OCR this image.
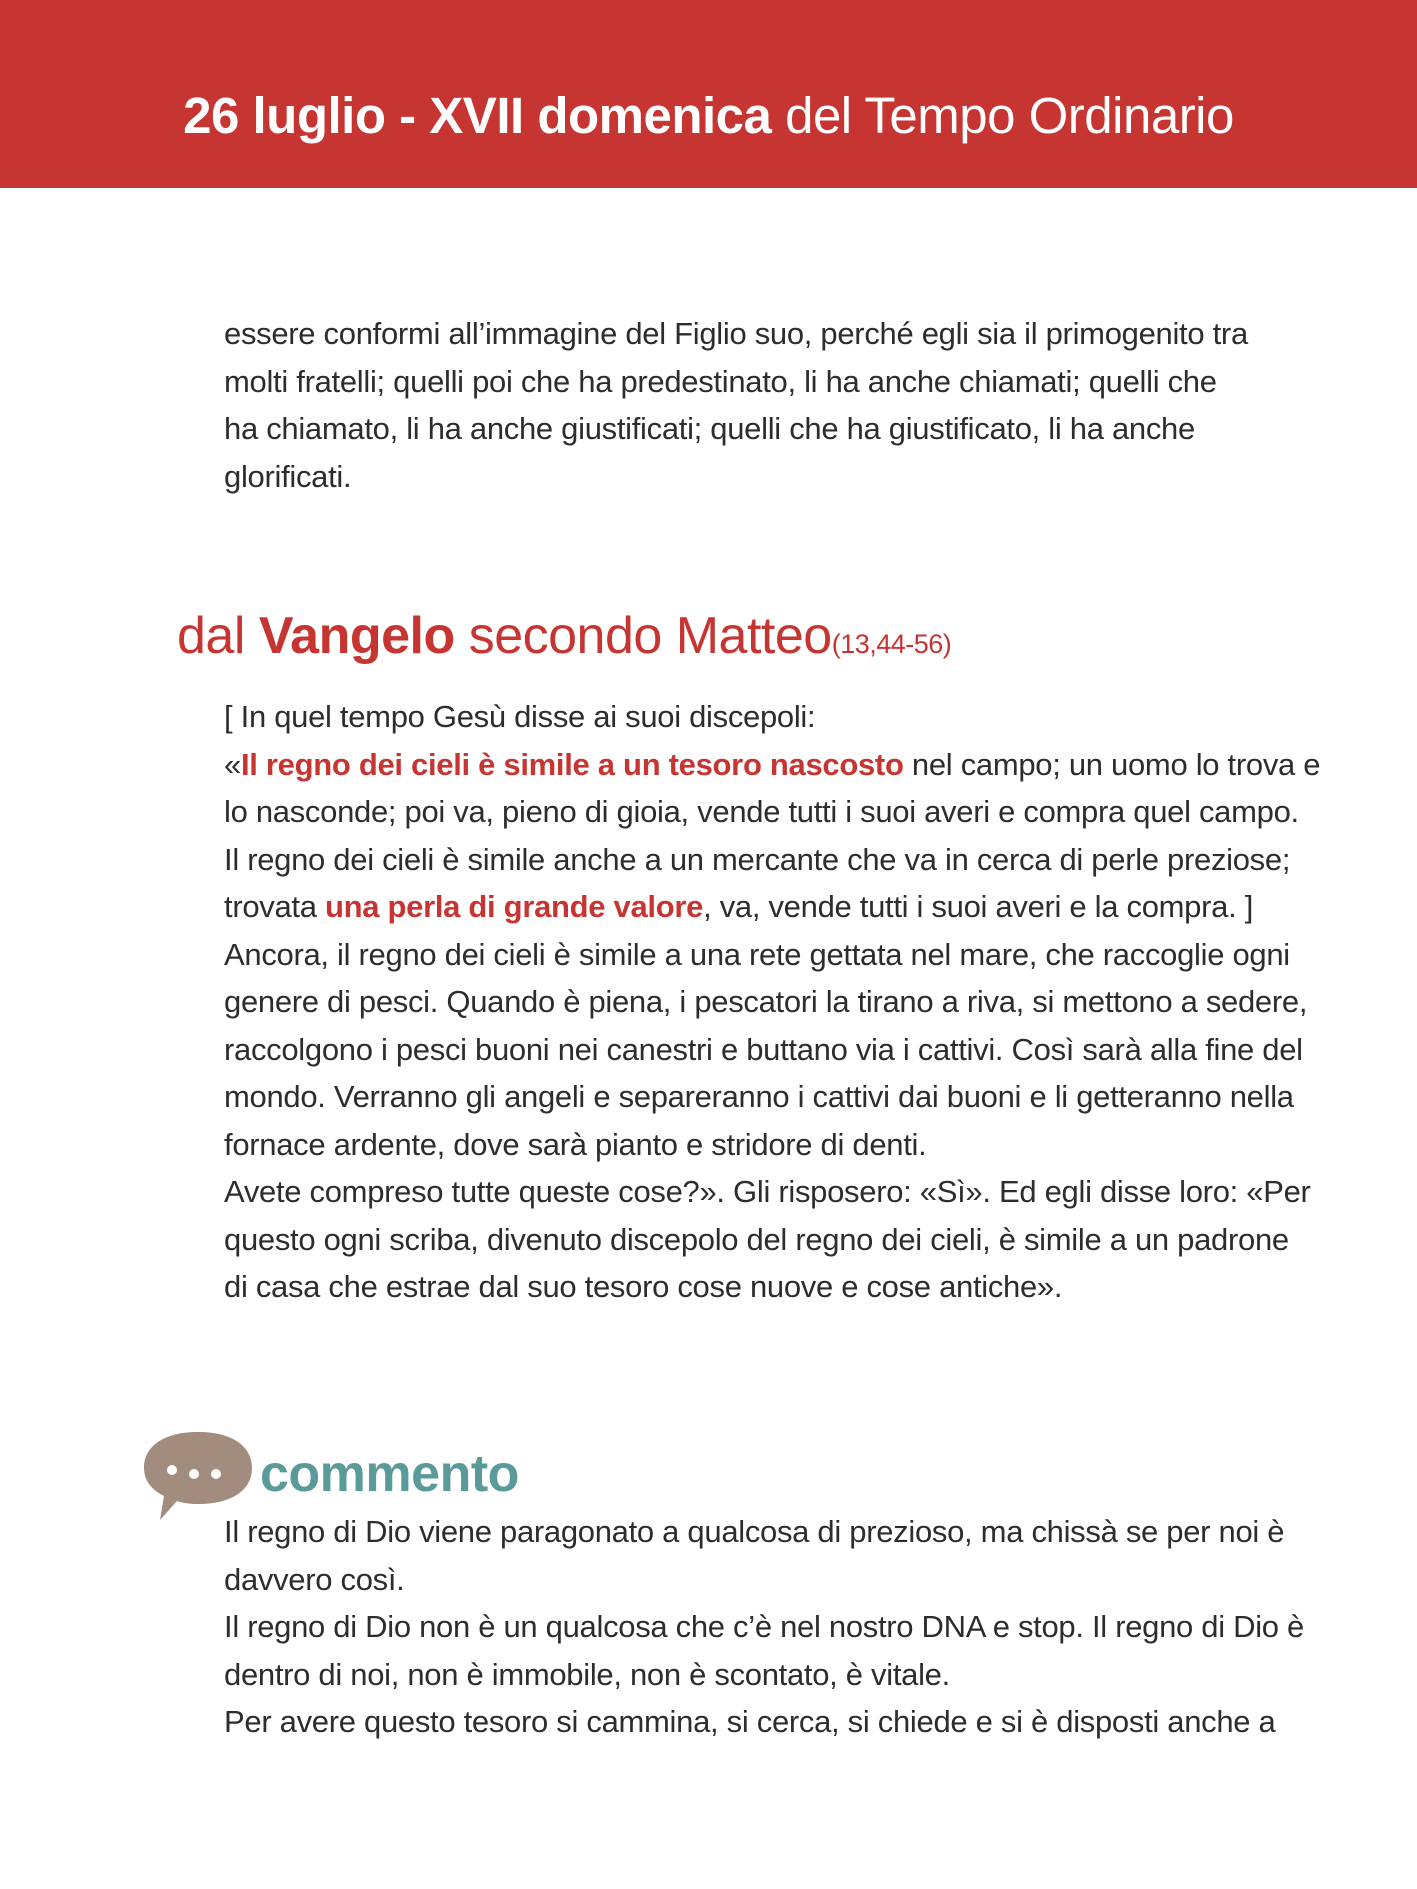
26 luglio - XVII domenica del Tempo Ordinario

essere conformi all’immagine del Figlio suo, perché egli sia il primogenito tra

molti fratelli; quelli poi che ha predestinato, li ha anche chiamati; quelli che

ha chiamato, li ha anche giustificati; quelli che ha giustificato, li ha anche

glorificati.

dal Vangelo secondo Matteo(13,44-56)

[ In quel tempo Gesù disse ai suoi discepoli:

«Il regno dei cieli è simile a un tesoro nascosto nel campo; un uomo lo trova e

lo nasconde; poi va, pieno di gioia, vende tutti i suoi averi e compra quel campo.

Il regno dei cieli è simile anche a un mercante che va in cerca di perle preziose;

trovata una perla di grande valore, va, vende tutti i suoi averi e la compra. ]

Ancora, il regno dei cieli è simile a una rete gettata nel mare, che raccoglie ogni

genere di pesci. Quando è piena, i pescatori la tirano a riva, si mettono a sedere,

raccolgono i pesci buoni nei canestri e buttano via i cattivi. Così sarà alla fine del

mondo. Verranno gli angeli e separeranno i cattivi dai buoni e li getteranno nella

fornace ardente, dove sarà pianto e stridore di denti.

Avete compreso tutte queste cose?». Gli risposero: «Sì». Ed egli disse loro: «Per

questo ogni scriba, divenuto discepolo del regno dei cieli, è simile a un padrone

di casa che estrae dal suo tesoro cose nuove e cose antiche».

commento

Il regno di Dio viene paragonato a qualcosa di prezioso, ma chissà se per noi è

davvero così.

Il regno di Dio non è un qualcosa che c’è nel nostro DNA e stop. Il regno di Dio è

dentro di noi, non è immobile, non è scontato, è vitale.

Per avere questo tesoro si cammina, si cerca, si chiede e si è disposti anche a
